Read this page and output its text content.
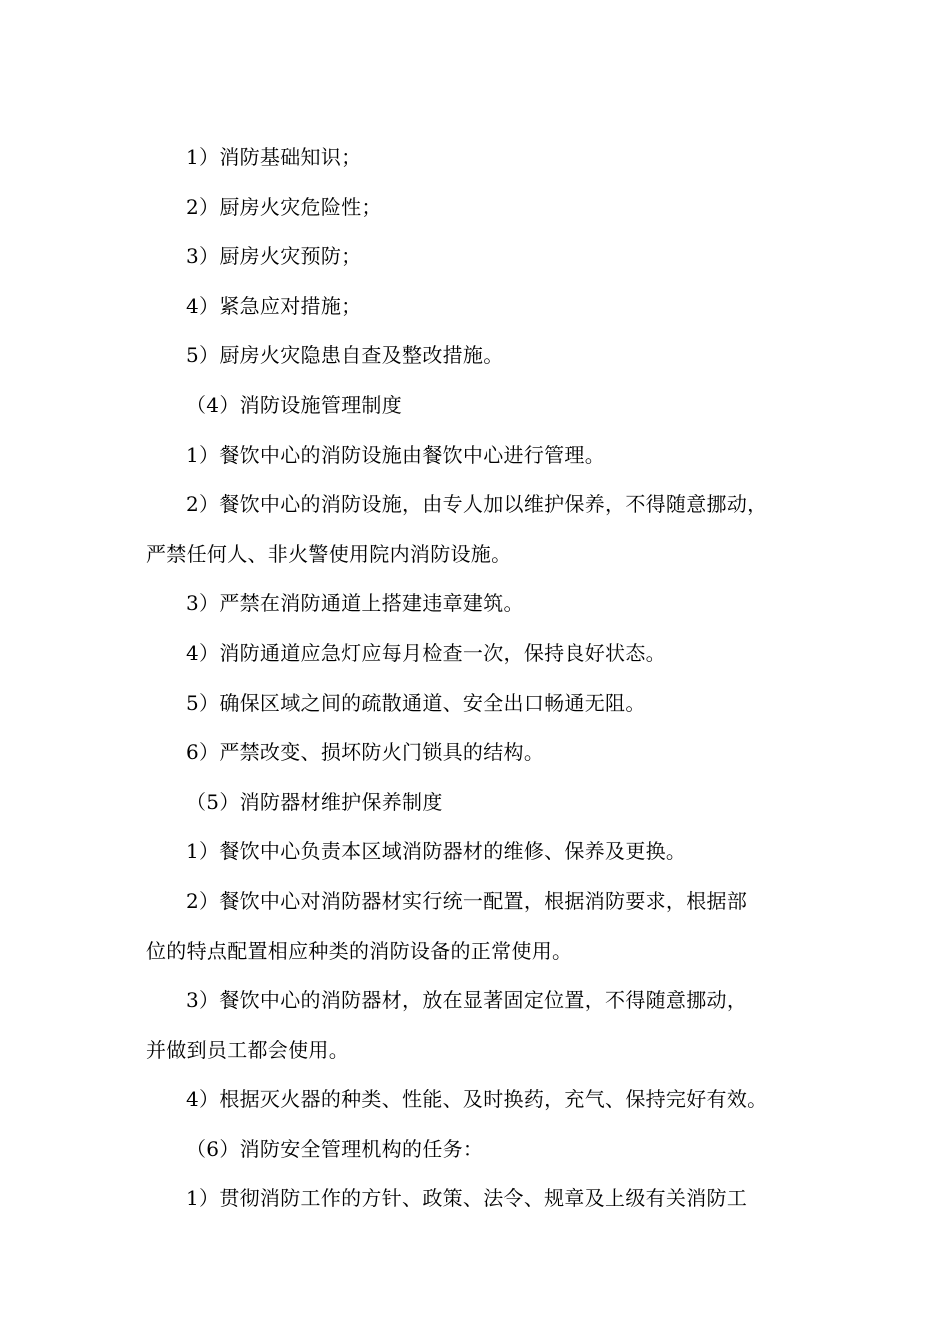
1）消防基础知识；
2）厨房火灾危险性；
3）厨房火灾预防；
4）紧急应对措施；
5）厨房火灾隐患自查及整改措施。
（4）消防设施管理制度
1）餐饮中心的消防设施由餐饮中心进行管理。
2）餐饮中心的消防设施，由专人加以维护保养，不得随意挪动，
严禁任何人、非火警使用院内消防设施。
3）严禁在消防通道上搭建违章建筑。
4）消防通道应急灯应每月检查一次，保持良好状态。
5）确保区域之间的疏散通道、安全出口畅通无阻。
6）严禁改变、损坏防火门锁具的结构。
（5）消防器材维护保养制度
1）餐饮中心负责本区域消防器材的维修、保养及更换。
2）餐饮中心对消防器材实行统一配置，根据消防要求，根据部
位的特点配置相应种类的消防设备的正常使用。
3）餐饮中心的消防器材，放在显著固定位置，不得随意挪动，
并做到员工都会使用。
4）根据灭火器的种类、性能、及时换药，充气、保持完好有效。
（6）消防安全管理机构的任务：
1）贯彻消防工作的方针、政策、法令、规章及上级有关消防工
